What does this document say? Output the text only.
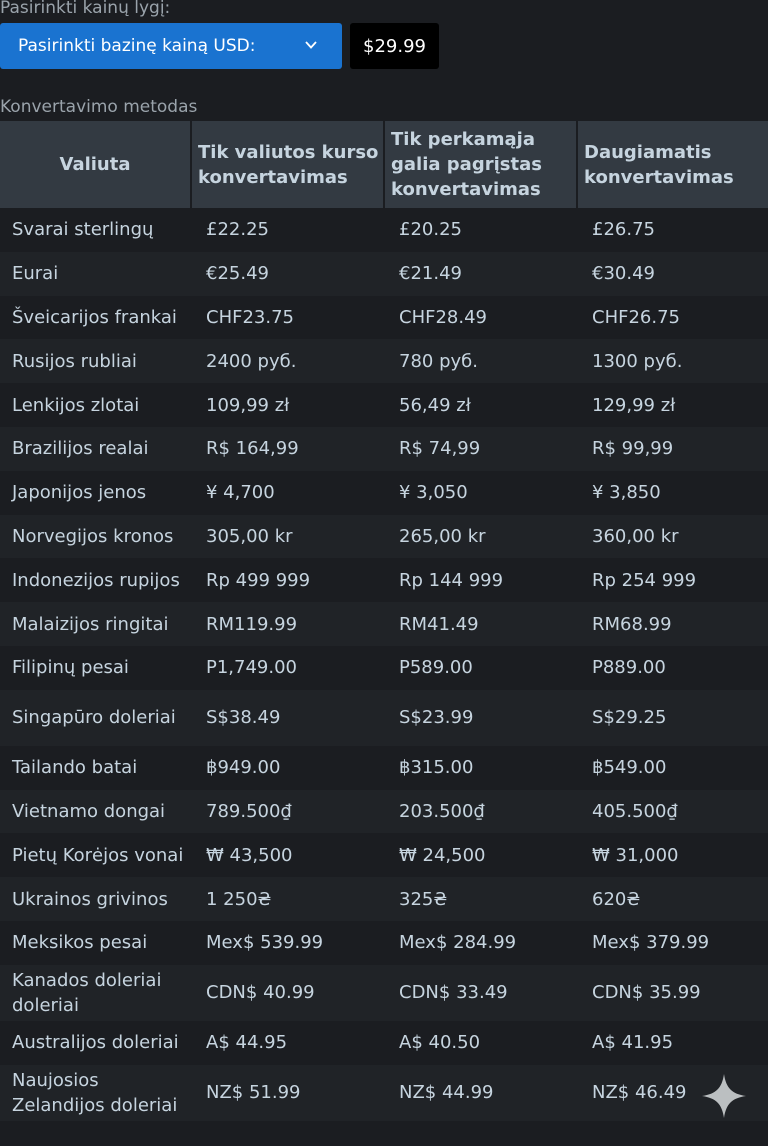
Pasirinkti kainų lygį:
Pasirinkti bazinę kainą USD:	$29.99
Konvertavimo metodas
Valiuta	Tik valiutos kurso konvertavimas	Tik perkamąja galia pagrįstas konvertavimas	Daugiamatis konvertavimas
Svarai sterlingų	£22.25	£20.25	£26.75
Eurai	€25.49	€21.49	€30.49
Šveicarijos frankai	CHF23.75	CHF28.49	CHF26.75
Rusijos rubliai	2400 руб.	780 руб.	1300 руб.
Lenkijos zlotai	109,99 zł	56,49 zł	129,99 zł
Brazilijos realai	R$ 164,99	R$ 74,99	R$ 99,99
Japonijos jenos	¥ 4,700	¥ 3,050	¥ 3,850
Norvegijos kronos	305,00 kr	265,00 kr	360,00 kr
Indonezijos rupijos	Rp 499 999	Rp 144 999	Rp 254 999
Malaizijos ringitai	RM119.99	RM41.49	RM68.99
Filipinų pesai	P1,749.00	P589.00	P889.00
Singapūro doleriai	S$38.49	S$23.99	S$29.25
Tailando batai	฿949.00	฿315.00	฿549.00
Vietnamo dongai	789.500₫	203.500₫	405.500₫
Pietų Korėjos vonai	₩ 43,500	₩ 24,500	₩ 31,000
Ukrainos grivinos	1 250₴	325₴	620₴
Meksikos pesai	Mex$ 539.99	Mex$ 284.99	Mex$ 379.99
Kanados doleriai doleriai	CDN$ 40.99	CDN$ 33.49	CDN$ 35.99
Australijos doleriai	A$ 44.95	A$ 40.50	A$ 41.95
Naujosios Zelandijos doleriai	NZ$ 51.99	NZ$ 44.99	NZ$ 46.49
